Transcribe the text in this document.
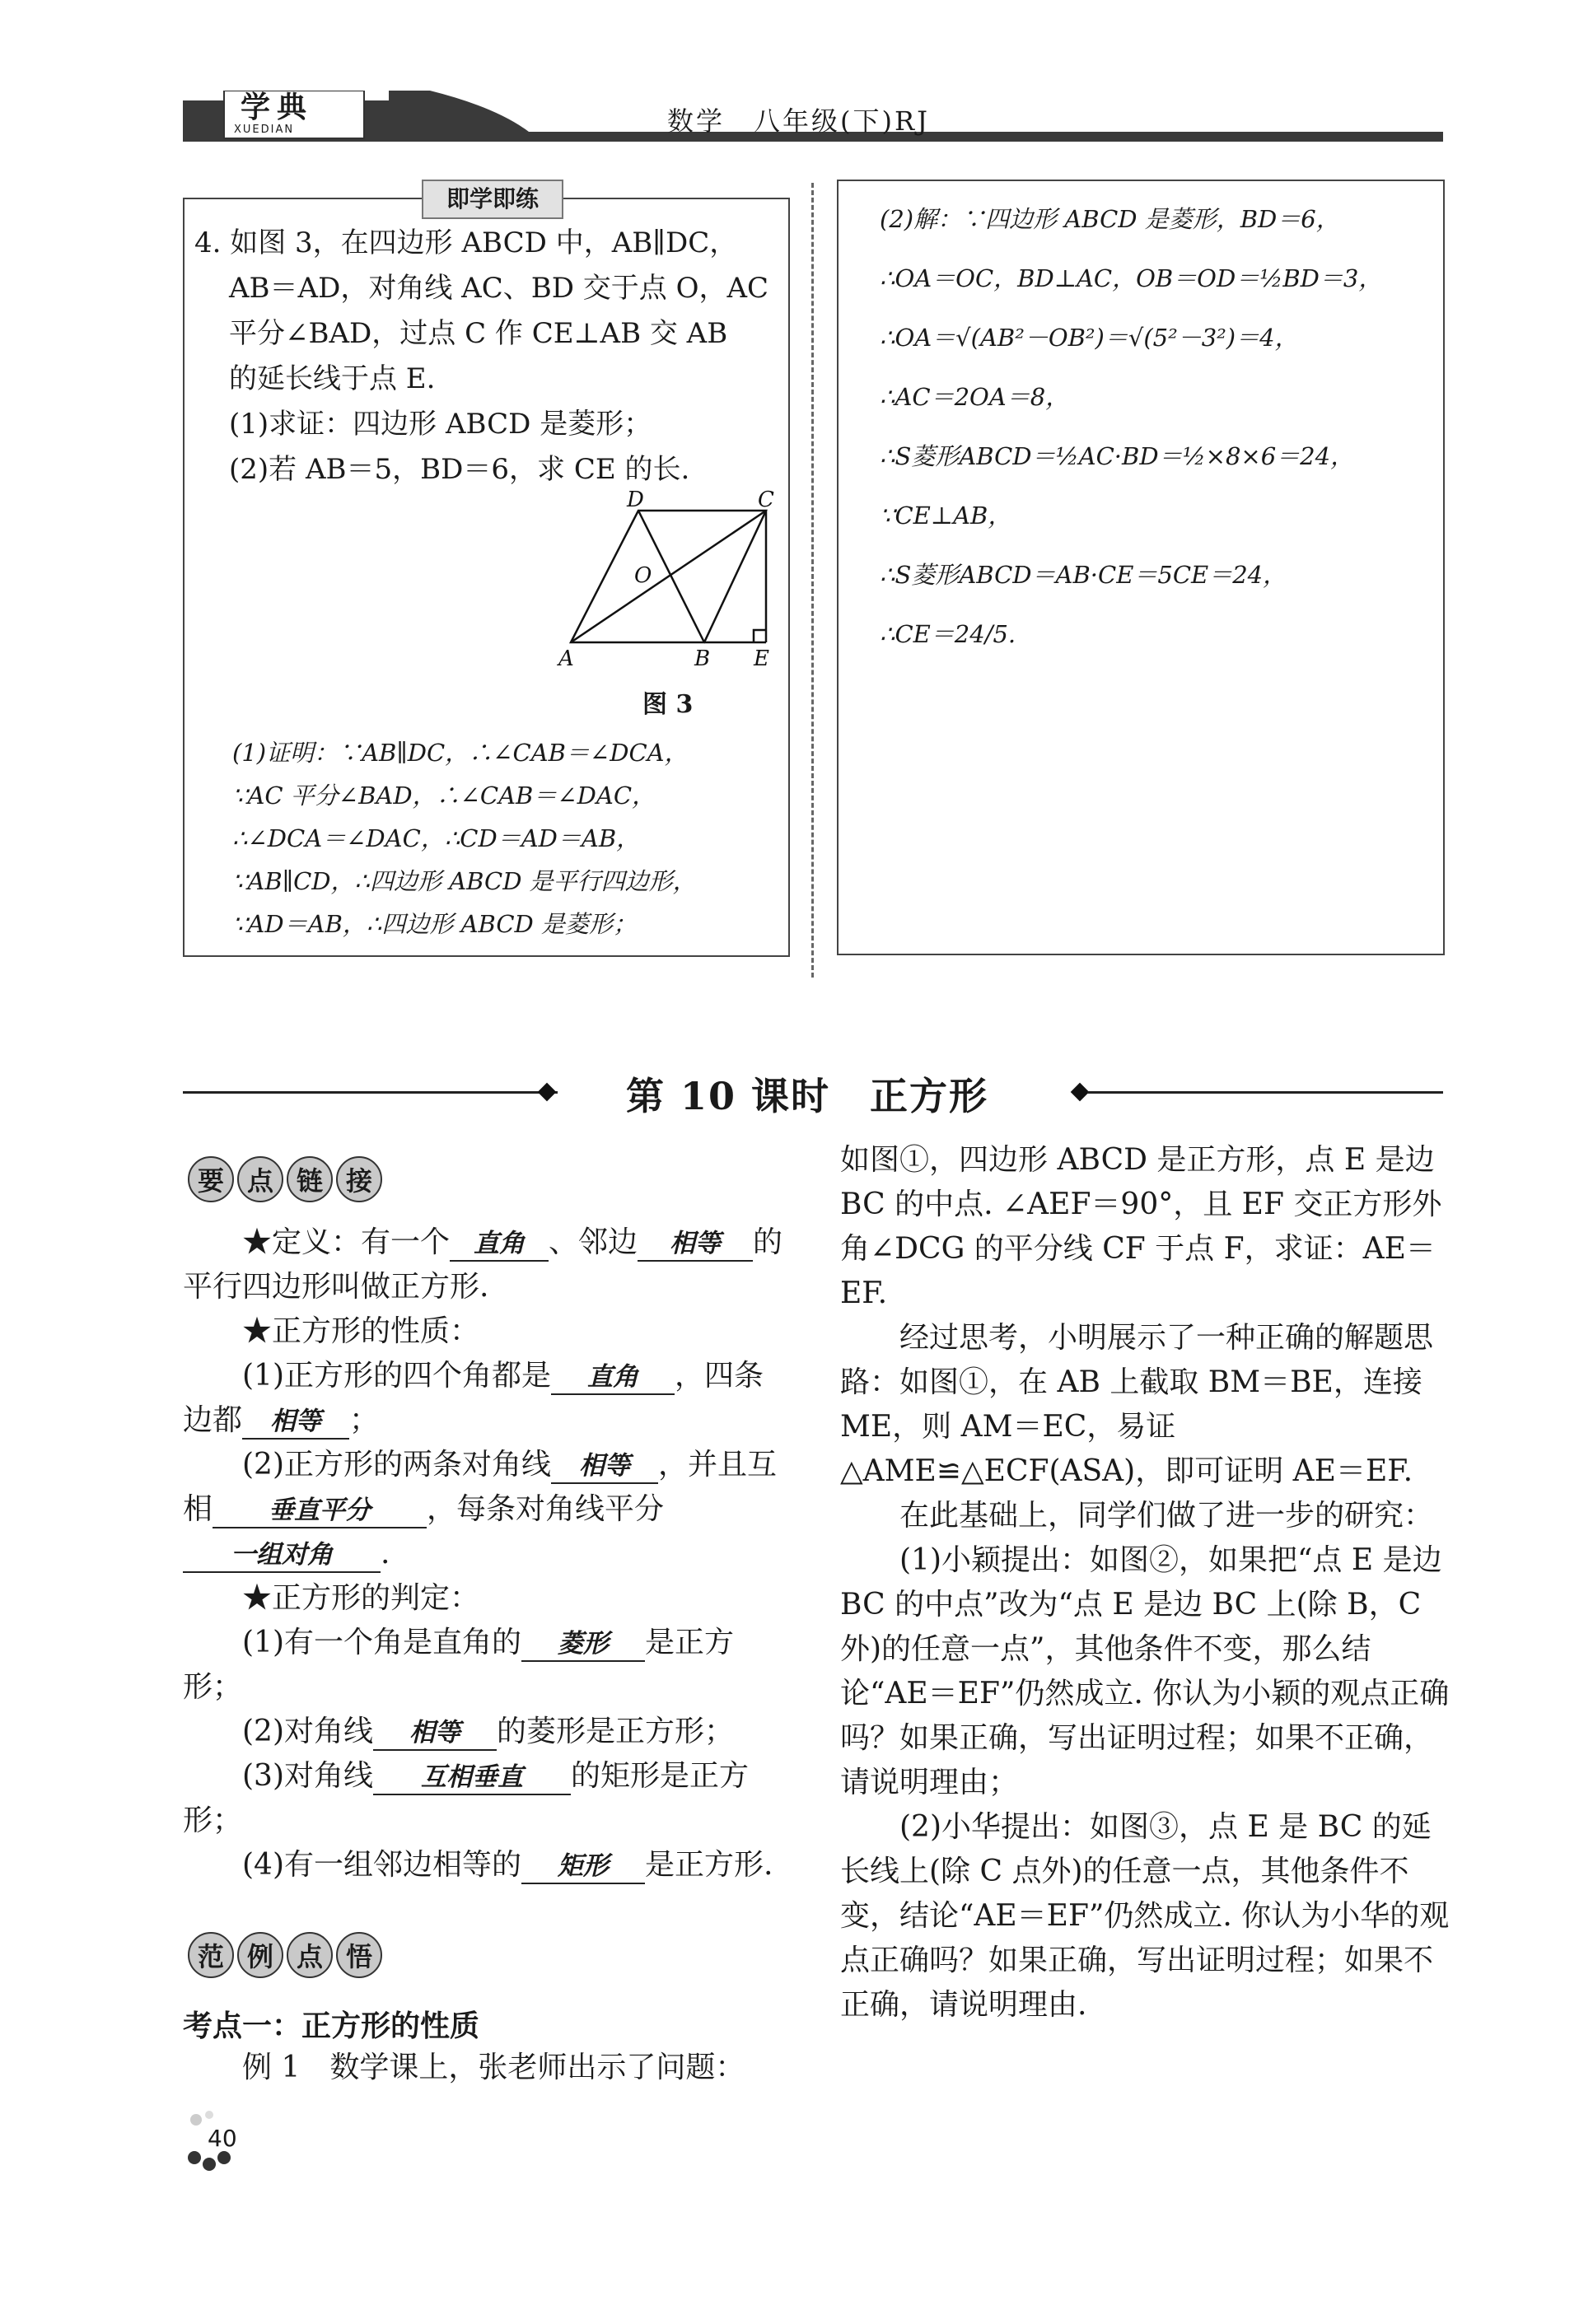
学典
XUEDIAN	数学　八年级(下)RJ
即学即练
4. 如图 3，在四边形 ABCD 中，AB∥DC，
AB＝AD，对角线 AC、BD 交于点 O，AC
平分∠BAD，过点 C 作 CE⊥AB 交 AB
的延长线于点 E.
(1)求证：四边形 ABCD 是菱形；
(2)若 AB＝5，BD＝6，求 CE 的长.
D	C
O
A	B E
图 3
(1)证明：∵AB∥DC，∴∠CAB＝∠DCA，
∵AC 平分∠BAD，∴∠CAB＝∠DAC，
∴∠DCA＝∠DAC，∴CD＝AD＝AB，
∵AB∥CD，∴四边形 ABCD 是平行四边形，
∵AD＝AB，∴四边形 ABCD 是菱形；
(2)解：∵四边形 ABCD 是菱形，BD＝6，
∴OA＝OC，BD⊥AC，OB＝OD＝½BD＝3，
∴OA＝√(AB²－OB²)＝√(5²－3²)＝4，
∴AC＝2OA＝8，
∴S菱形ABCD＝½AC·BD＝½×8×6＝24，
∵CE⊥AB，
∴S菱形ABCD＝AB·CE＝5CE＝24，
∴CE＝24/5.
第 10 课时　正方形
要 点 链 接
★定义：有一个 直角 、邻边 相等 的平行四边形叫做正方形.
★正方形的性质：
(1)正方形的四个角都是 直角 ，四条边都 相等 ；
(2)正方形的两条对角线 相等 ，并且互相 垂直平分 ，每条对角线平分一组对角 .
★正方形的判定：
(1)有一个角是直角的 菱形 是正方形；
(2)对角线 相等 的菱形是正方形；
(3)对角线 互相垂直 的矩形是正方形；
(4)有一组邻边相等的 矩形 是正方形.
范 例 点 悟
考点一：正方形的性质
例 1　数学课上，张老师出示了问题：
如图①，四边形 ABCD 是正方形，点 E 是边 BC 的中点. ∠AEF＝90°，且 EF 交正方形外角∠DCG 的平分线 CF 于点 F，求证：AE＝EF.
经过思考，小明展示了一种正确的解题思路：如图①，在 AB 上截取 BM＝BE，连接 ME，则 AM＝EC，易证△AME≌△ECF(ASA)，即可证明 AE＝EF.
在此基础上，同学们做了进一步的研究：
(1)小颖提出：如图②，如果把“点 E 是边 BC 的中点”改为“点 E 是边 BC 上(除 B，C 外)的任意一点”，其他条件不变，那么结论“AE＝EF”仍然成立. 你认为小颖的观点正确吗？如果正确，写出证明过程；如果不正确，请说明理由；
(2)小华提出：如图③，点 E 是 BC 的延长线上(除 C 点外)的任意一点，其他条件不变，结论“AE＝EF”仍然成立. 你认为小华的观点正确吗？如果正确，写出证明过程；如果不正确，请说明理由.
40
